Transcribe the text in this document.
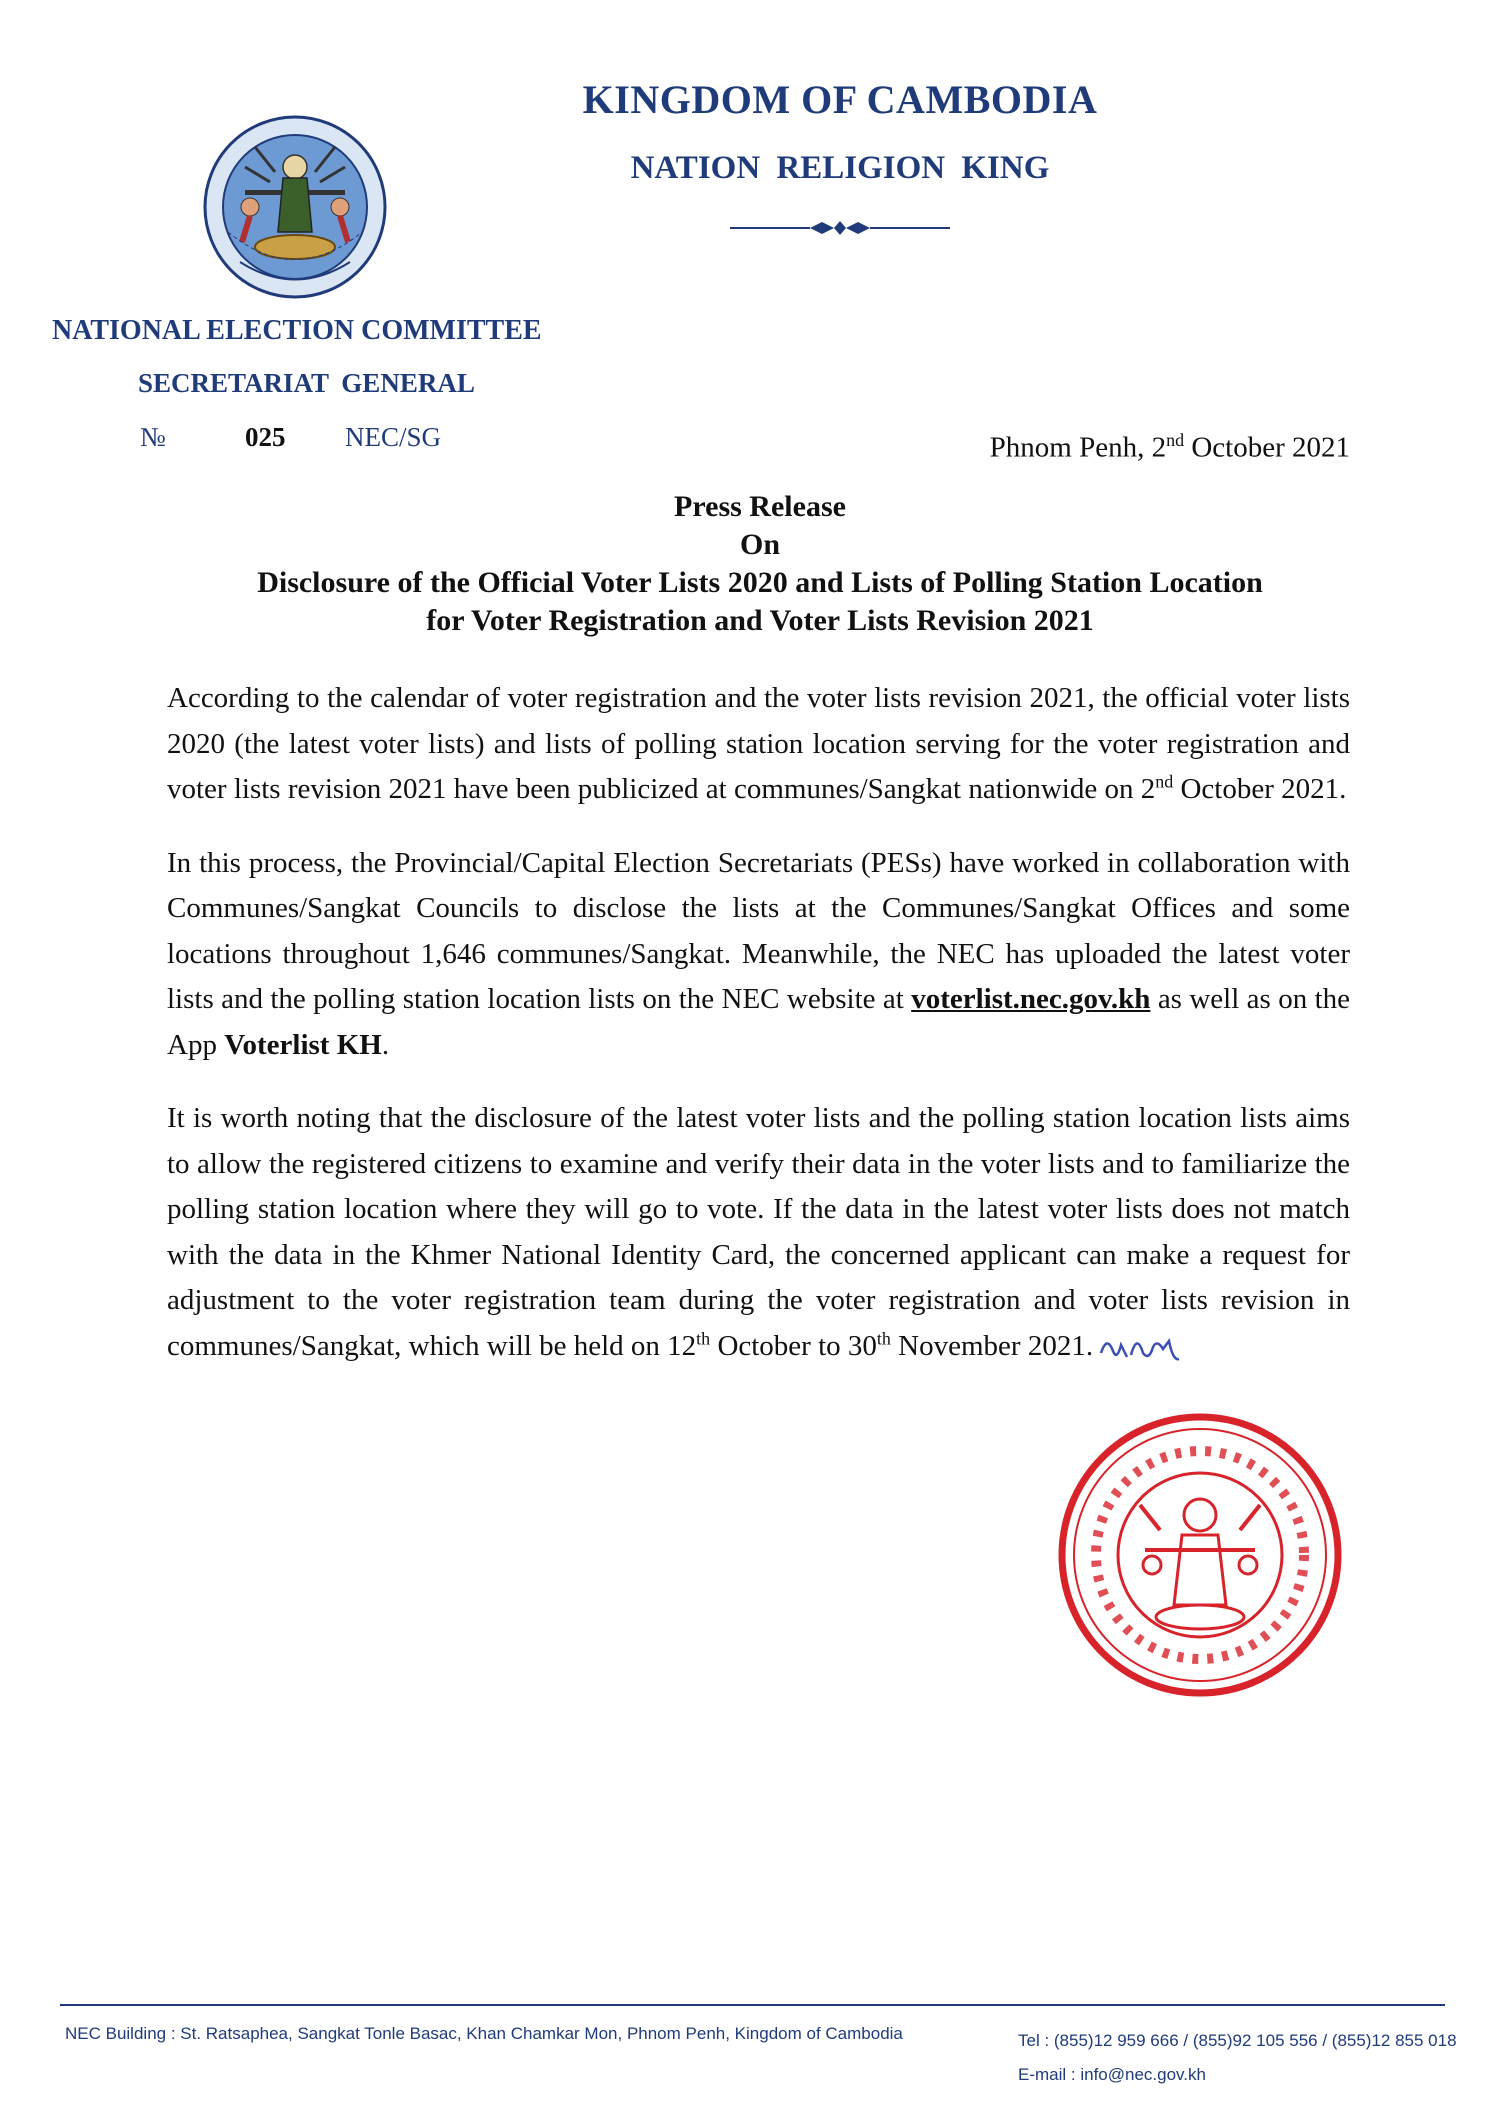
KINGDOM OF CAMBODIA
NATION RELIGION KING
NATIONAL ELECTION COMMITTEE
SECRETARIAT GENERAL
№	025 NEC/SG	Phnom Penh, 2nd October 2021
Press Release
On
Disclosure of the Official Voter Lists 2020 and Lists of Polling Station Location
for Voter Registration and Voter Lists Revision 2021

According to the calendar of voter registration and the voter lists revision 2021, the official voter lists 2020 (the latest voter lists) and lists of polling station location serving for the voter registration and voter lists revision 2021 have been publicized at communes/Sangkat nationwide on 2nd October 2021.

In this process, the Provincial/Capital Election Secretariats (PESs) have worked in collaboration with Communes/Sangkat Councils to disclose the lists at the Communes/Sangkat Offices and some locations throughout 1,646 communes/Sangkat. Meanwhile, the NEC has uploaded the latest voter lists and the polling station location lists on the NEC website at voterlist.nec.gov.kh as well as on the App Voterlist KH.

It is worth noting that the disclosure of the latest voter lists and the polling station location lists aims to allow the registered citizens to examine and verify their data in the voter lists and to familiarize the polling station location where they will go to vote. If the data in the latest voter lists does not match with the data in the Khmer National Identity Card, the concerned applicant can make a request for adjustment to the voter registration team during the voter registration and voter lists revision in communes/Sangkat, which will be held on 12th October to 30th November 2021.

NEC Building : St. Ratsaphea, Sangkat Tonle Basac, Khan Chamkar Mon, Phnom Penh, Kingdom of Cambodia	Tel : (855)12 959 666 / (855)92 105 556 / (855)12 855 018
E-mail : info@nec.gov.kh
